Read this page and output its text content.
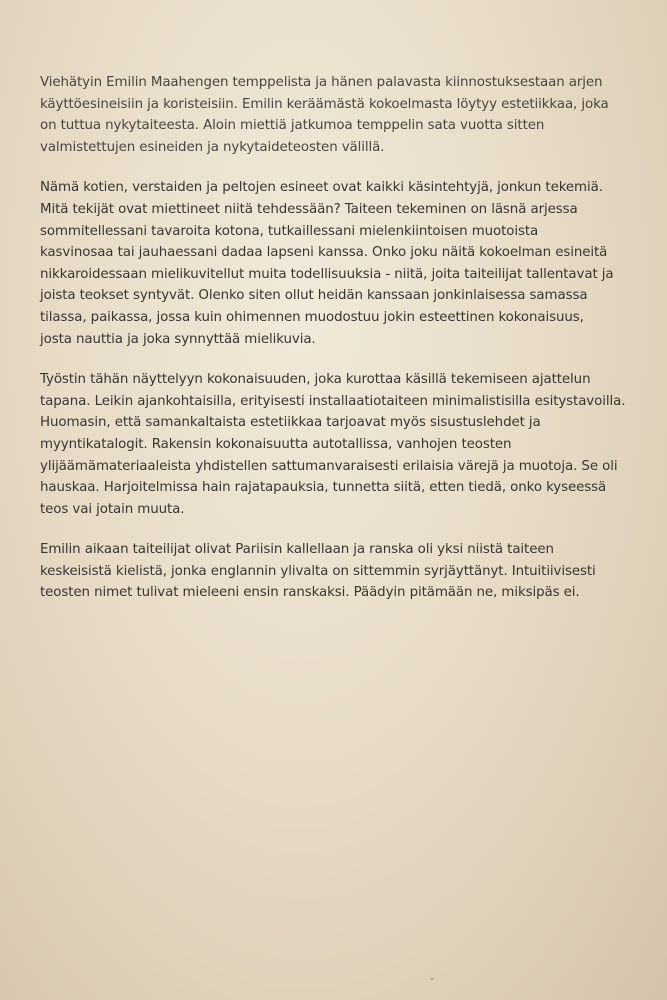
Viehätyin Emilin Maahengen temppelista ja hänen palavasta kiinnostuksestaan arjen
käyttöesineisiin ja koristeisiin. Emilin keräämästä kokoelmasta löytyy estetiikkaa, joka
on tuttua nykytaiteesta. Aloin miettiä jatkumoa temppelin sata vuotta sitten
valmistettujen esineiden ja nykytaideteosten välillä.

Nämä kotien, verstaiden ja peltojen esineet ovat kaikki käsintehtyjä, jonkun tekemiä.
Mitä tekijät ovat miettineet niitä tehdessään? Taiteen tekeminen on läsnä arjessa
sommitellessani tavaroita kotona, tutkaillessani mielenkiintoisen muotoista
kasvinosaa tai jauhaessani dadaa lapseni kanssa. Onko joku näitä kokoelman esineitä
nikkaroidessaan mielikuvitellut muita todellisuuksia - niitä, joita taiteilijat tallentavat ja
joista teokset syntyvät. Olenko siten ollut heidän kanssaan jonkinlaisessa samassa
tilassa, paikassa, jossa kuin ohimennen muodostuu jokin esteettinen kokonaisuus,
josta nauttia ja joka synnyttää mielikuvia.

Työstin tähän näyttelyyn kokonaisuuden, joka kurottaa käsillä tekemiseen ajattelun
tapana. Leikin ajankohtaisilla, erityisesti installaatiotaiteen minimalistisilla esitystavoilla.
Huomasin, että samankaltaista estetiikkaa tarjoavat myös sisustuslehdet ja
myyntikatalogit. Rakensin kokonaisuutta autotallissa, vanhojen teosten
ylijäämämateriaaleista yhdistellen sattumanvaraisesti erilaisia värejä ja muotoja. Se oli
hauskaa. Harjoitelmissa hain rajatapauksia, tunnetta siitä, etten tiedä, onko kyseessä
teos vai jotain muuta.

Emilin aikaan taiteilijat olivat Pariisin kallellaan ja ranska oli yksi niistä taiteen
keskeisistä kielistä, jonka englannin ylivalta on sittemmin syrjäyttänyt. Intuitiivisesti
teosten nimet tulivat mieleeni ensin ranskaksi. Päädyin pitämään ne, miksipäs ei.
